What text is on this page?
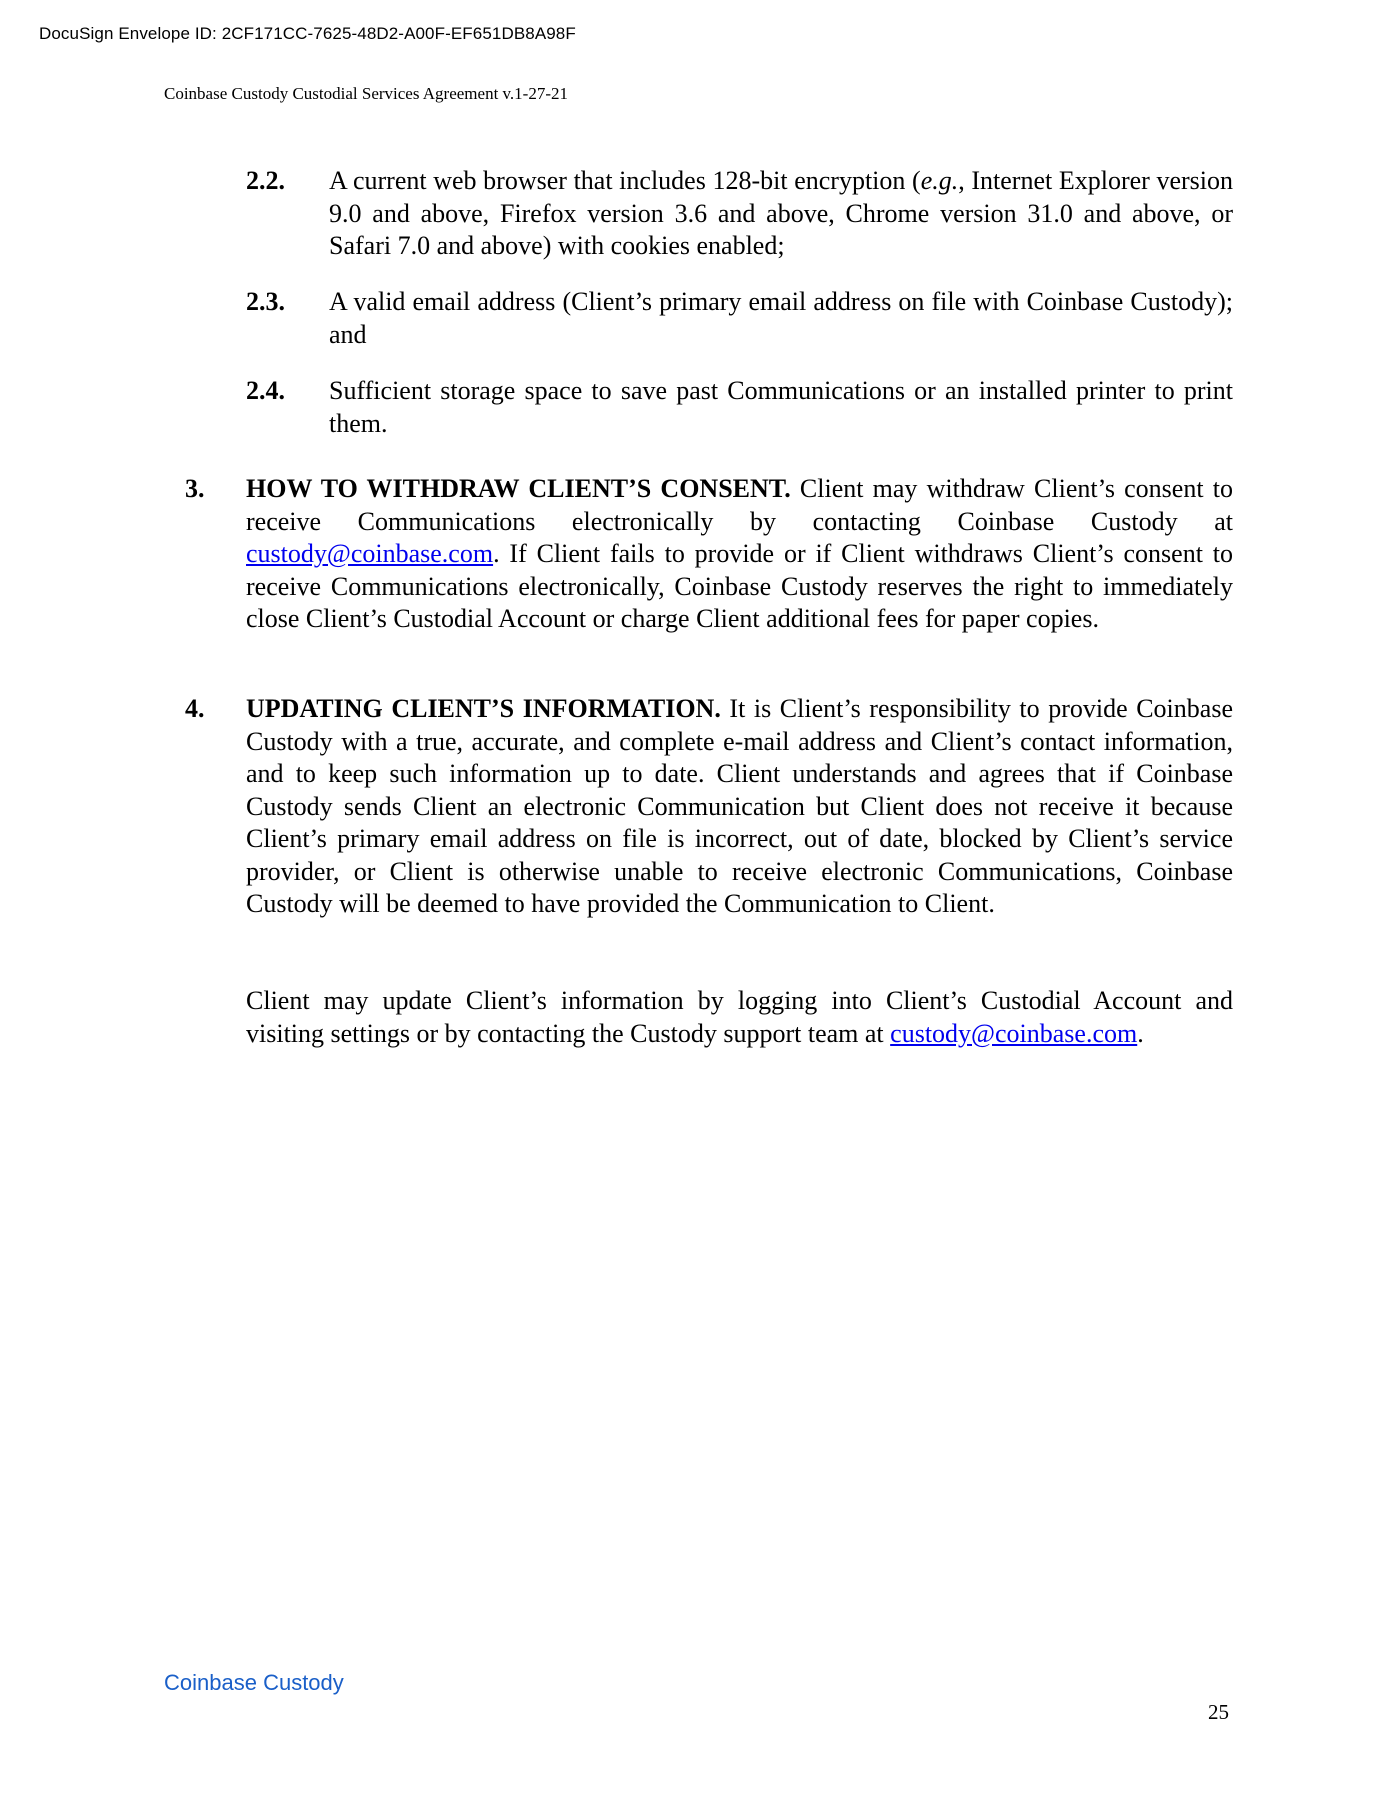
DocuSign Envelope ID: 2CF171CC-7625-48D2-A00F-EF651DB8A98F
Coinbase Custody Custodial Services Agreement v.1-27-21
2.2. A current web browser that includes 128-bit encryption (e.g., Internet Explorer version 9.0 and above, Firefox version 3.6 and above, Chrome version 31.0 and above, or Safari 7.0 and above) with cookies enabled;
2.3. A valid email address (Client’s primary email address on file with Coinbase Custody); and
2.4. Sufficient storage space to save past Communications or an installed printer to print them.
3. HOW TO WITHDRAW CLIENT’S CONSENT. Client may withdraw Client’s consent to receive Communications electronically by contacting Coinbase Custody at custody@coinbase.com. If Client fails to provide or if Client withdraws Client’s consent to receive Communications electronically, Coinbase Custody reserves the right to immediately close Client’s Custodial Account or charge Client additional fees for paper copies.
4. UPDATING CLIENT’S INFORMATION. It is Client’s responsibility to provide Coinbase Custody with a true, accurate, and complete e-mail address and Client’s contact information, and to keep such information up to date. Client understands and agrees that if Coinbase Custody sends Client an electronic Communication but Client does not receive it because Client’s primary email address on file is incorrect, out of date, blocked by Client’s service provider, or Client is otherwise unable to receive electronic Communications, Coinbase Custody will be deemed to have provided the Communication to Client.
Client may update Client’s information by logging into Client’s Custodial Account and visiting settings or by contacting the Custody support team at custody@coinbase.com.
Coinbase Custody
25
